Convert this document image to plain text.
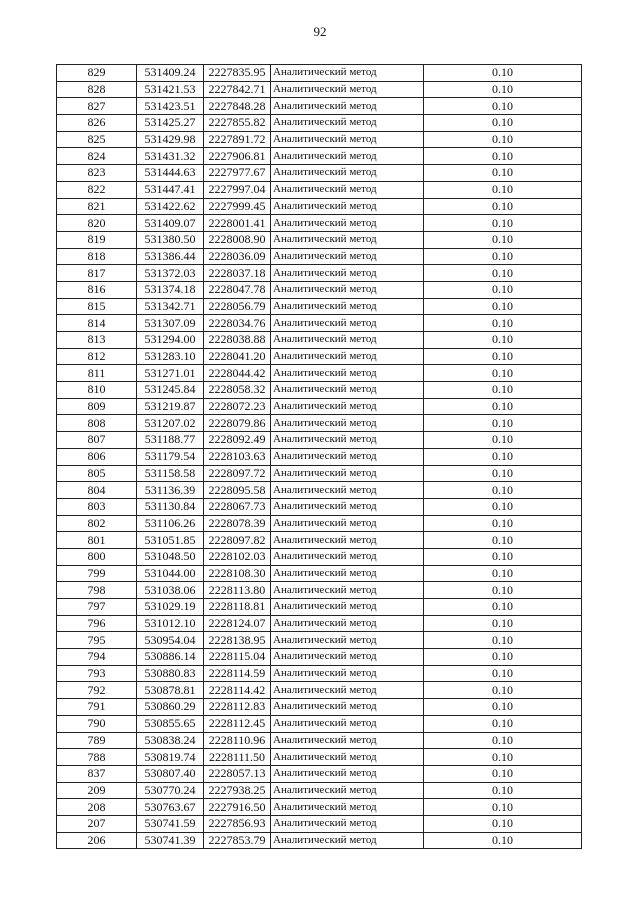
92
829	531409.24	2227835.95	Аналитический метод	0.10
828	531421.53	2227842.71	Аналитический метод	0.10
827	531423.51	2227848.28	Аналитический метод	0.10
826	531425.27	2227855.82	Аналитический метод	0.10
825	531429.98	2227891.72	Аналитический метод	0.10
824	531431.32	2227906.81	Аналитический метод	0.10
823	531444.63	2227977.67	Аналитический метод	0.10
822	531447.41	2227997.04	Аналитический метод	0.10
821	531422.62	2227999.45	Аналитический метод	0.10
820	531409.07	2228001.41	Аналитический метод	0.10
819	531380.50	2228008.90	Аналитический метод	0.10
818	531386.44	2228036.09	Аналитический метод	0.10
817	531372.03	2228037.18	Аналитический метод	0.10
816	531374.18	2228047.78	Аналитический метод	0.10
815	531342.71	2228056.79	Аналитический метод	0.10
814	531307.09	2228034.76	Аналитический метод	0.10
813	531294.00	2228038.88	Аналитический метод	0.10
812	531283.10	2228041.20	Аналитический метод	0.10
811	531271.01	2228044.42	Аналитический метод	0.10
810	531245.84	2228058.32	Аналитический метод	0.10
809	531219.87	2228072.23	Аналитический метод	0.10
808	531207.02	2228079.86	Аналитический метод	0.10
807	531188.77	2228092.49	Аналитический метод	0.10
806	531179.54	2228103.63	Аналитический метод	0.10
805	531158.58	2228097.72	Аналитический метод	0.10
804	531136.39	2228095.58	Аналитический метод	0.10
803	531130.84	2228067.73	Аналитический метод	0.10
802	531106.26	2228078.39	Аналитический метод	0.10
801	531051.85	2228097.82	Аналитический метод	0.10
800	531048.50	2228102.03	Аналитический метод	0.10
799	531044.00	2228108.30	Аналитический метод	0.10
798	531038.06	2228113.80	Аналитический метод	0.10
797	531029.19	2228118.81	Аналитический метод	0.10
796	531012.10	2228124.07	Аналитический метод	0.10
795	530954.04	2228138.95	Аналитический метод	0.10
794	530886.14	2228115.04	Аналитический метод	0.10
793	530880.83	2228114.59	Аналитический метод	0.10
792	530878.81	2228114.42	Аналитический метод	0.10
791	530860.29	2228112.83	Аналитический метод	0.10
790	530855.65	2228112.45	Аналитический метод	0.10
789	530838.24	2228110.96	Аналитический метод	0.10
788	530819.74	2228111.50	Аналитический метод	0.10
837	530807.40	2228057.13	Аналитический метод	0.10
209	530770.24	2227938.25	Аналитический метод	0.10
208	530763.67	2227916.50	Аналитический метод	0.10
207	530741.59	2227856.93	Аналитический метод	0.10
206	530741.39	2227853.79	Аналитический метод	0.10
